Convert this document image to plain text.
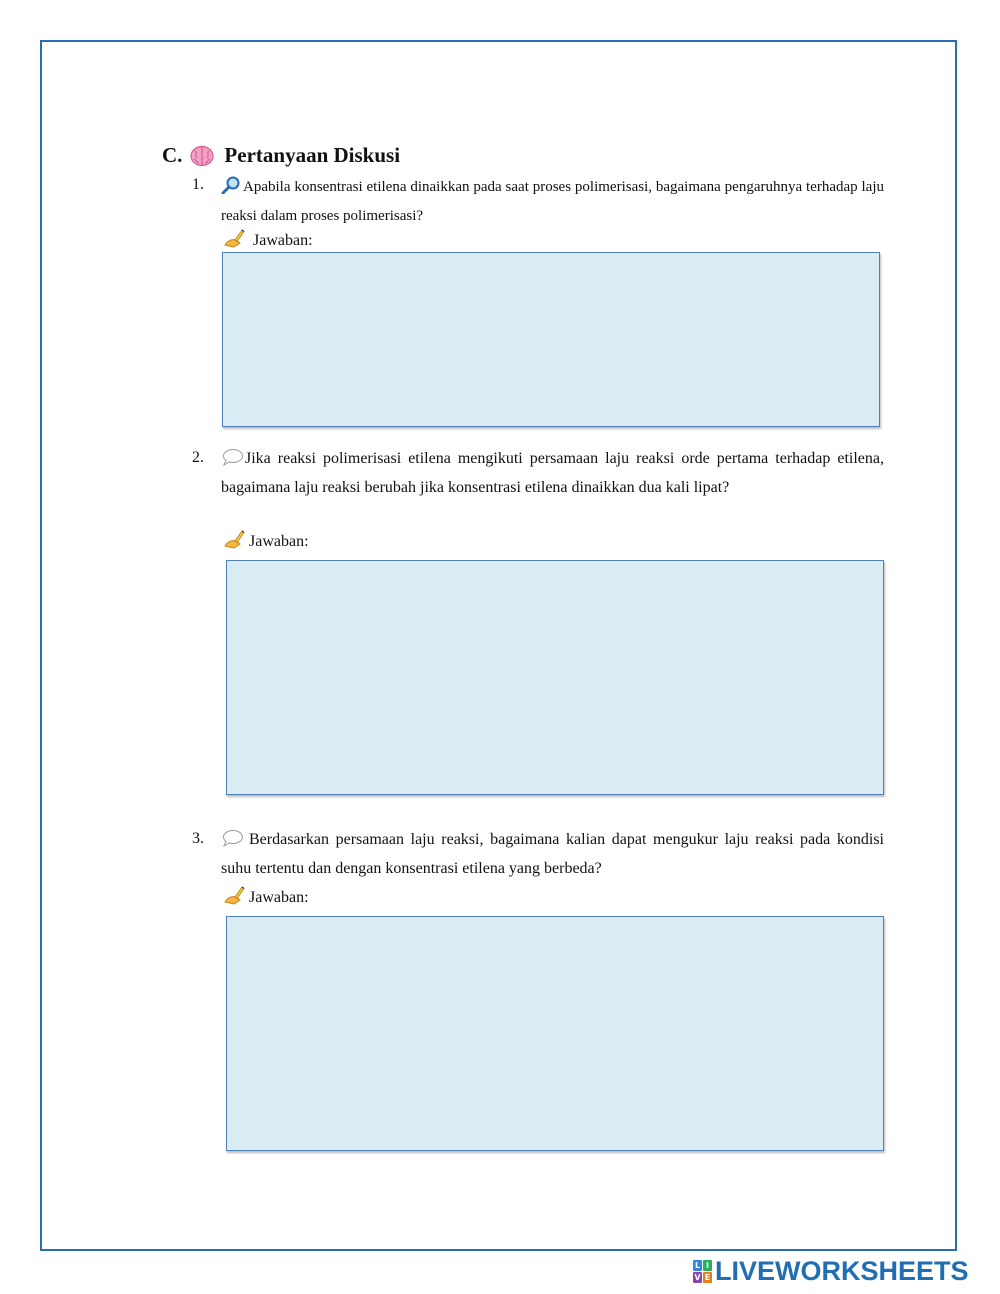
C. Pertanyaan Diskusi
1.	Apabila konsentrasi etilena dinaikkan pada saat proses polimerisasi, bagaimana pengaruhnya terhadap laju reaksi dalam proses polimerisasi?
Jawaban:
2.	Jika reaksi polimerisasi etilena mengikuti persamaan laju reaksi orde pertama terhadap etilena, bagaimana laju reaksi berubah jika konsentrasi etilena dinaikkan dua kali lipat?
Jawaban:
3.	Berdasarkan persamaan laju reaksi, bagaimana kalian dapat mengukur laju reaksi pada kondisi suhu tertentu dan dengan konsentrasi etilena yang berbeda?
Jawaban:
L I
V E LIVEWORKSHEETS
